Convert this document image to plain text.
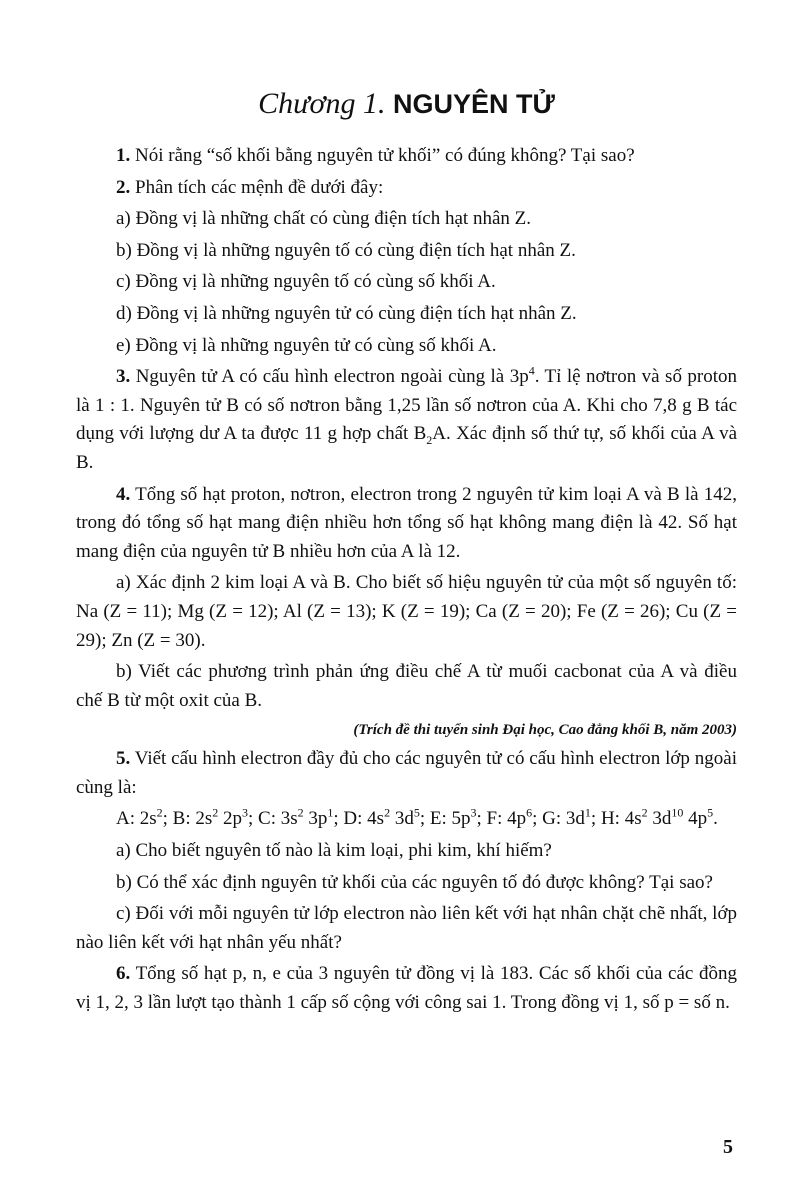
Chương 1. NGUYÊN TỬ

1. Nói rằng “số khối bằng nguyên tử khối” có đúng không? Tại sao?

2. Phân tích các mệnh đề dưới đây:

a) Đồng vị là những chất có cùng điện tích hạt nhân Z.

b) Đồng vị là những nguyên tố có cùng điện tích hạt nhân Z.

c) Đồng vị là những nguyên tố có cùng số khối A.

d) Đồng vị là những nguyên tử có cùng điện tích hạt nhân Z.

e) Đồng vị là những nguyên tử có cùng số khối A.

3. Nguyên tử A có cấu hình electron ngoài cùng là $3p^4$. Tỉ lệ nơtron và số proton là 1 : 1. Nguyên tử B có số nơtron bằng 1,25 lần số nơtron của A. Khi cho 7,8 g B tác dụng với lượng dư A ta được 11 g hợp chất $B_2A$. Xác định số thứ tự, số khối của A và B.

4. Tổng số hạt proton, nơtron, electron trong 2 nguyên tử kim loại A và B là 142, trong đó tổng số hạt mang điện nhiều hơn tổng số hạt không mang điện là 42. Số hạt mang điện của nguyên tử B nhiều hơn của A là 12.

a) Xác định 2 kim loại A và B. Cho biết số hiệu nguyên tử của một số nguyên tố: Na (Z = 11); Mg (Z = 12); Al (Z = 13); K (Z = 19); Ca (Z = 20); Fe (Z = 26); Cu (Z = 29); Zn (Z = 30).

b) Viết các phương trình phản ứng điều chế A từ muối cacbonat của A và điều chế B từ một oxit của B.

(Trích đề thi tuyển sinh Đại học, Cao đẳng khối B, năm 2003)

5. Viết cấu hình electron đầy đủ cho các nguyên tử có cấu hình electron lớp ngoài cùng là:

A: $2s^2$; B: $2s^2$ $2p^3$; C: $3s^2$ $3p^1$; D: $4s^2$ $3d^5$; E: $5p^3$; F: $4p^6$; G: $3d^1$; H: $4s^2$ $3d^{10}$ $4p^5$.

a) Cho biết nguyên tố nào là kim loại, phi kim, khí hiếm?

b) Có thể xác định nguyên tử khối của các nguyên tố đó được không? Tại sao?

c) Đối với mỗi nguyên tử lớp electron nào liên kết với hạt nhân chặt chẽ nhất, lớp nào liên kết với hạt nhân yếu nhất?

6. Tổng số hạt p, n, e của 3 nguyên tử đồng vị là 183. Các số khối của các đồng vị 1, 2, 3 lần lượt tạo thành 1 cấp số cộng với công sai 1. Trong đồng vị 1, số p = số n.

5
